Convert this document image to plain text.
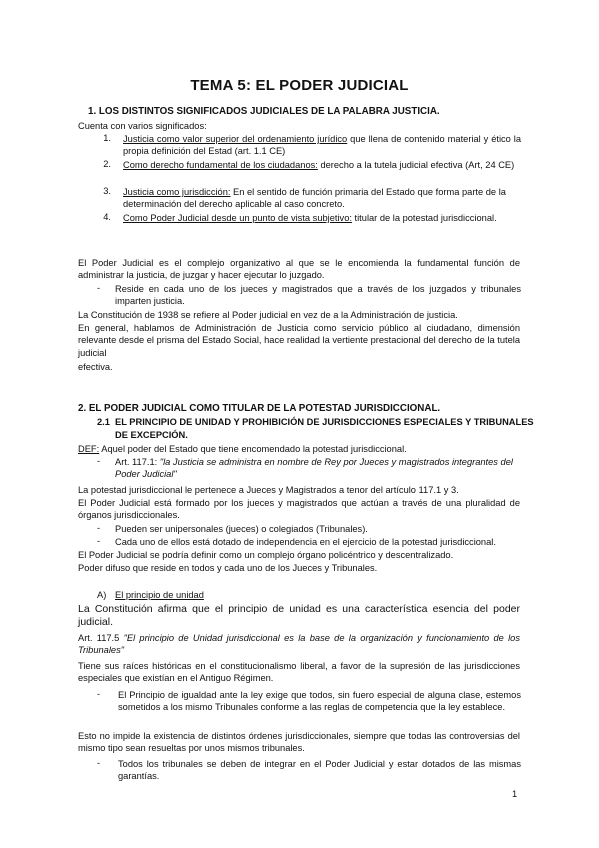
TEMA 5: EL PODER JUDICIAL

1. LOS DISTINTOS SIGNIFICADOS JUDICIALES DE LA PALABRA JUSTICIA.

Cuenta con varios significados:

1. Justicia como valor superior del ordenamiento jurídico que llena de contenido material y ético la propia definición del Estad (art. 1.1 CE)

2. Como derecho fundamental de los ciudadanos: derecho a la tutela judicial efectiva (Art, 24 CE)

3. Justicia como jurisdicción: En el sentido de función primaria del Estado que forma parte de la determinación del derecho aplicable al caso concreto.

4. Como Poder Judicial desde un punto de vista subjetivo: titular de la potestad jurisdiccional.

El Poder Judicial es el complejo organizativo al que se le encomienda la fundamental función de administrar la justicia, de juzgar y hacer ejecutar lo juzgado.

- Reside en cada uno de los jueces y magistrados que a través de los juzgados y tribunales imparten justicia.

La Constitución de 1938 se refiere al Poder judicial en vez de a la Administración de justicia.

En general, hablamos de Administración de Justicia como servicio público al ciudadano, dimensión relevante desde el prisma del Estado Social, hace realidad la vertiente prestacional del derecho de la tutela judicial

efectiva.

2. EL PODER JUDICIAL COMO TITULAR DE LA POTESTAD JURISDICCIONAL.

2.1 EL PRINCIPIO DE UNIDAD Y PROHIBICIÓN DE JURISDICCIONES ESPECIALES Y TRIBUNALES

DE EXCEPCIÓN.

DEF: Aquel poder del Estado que tiene encomendado la potestad jurisdiccional.

- Art. 117.1: "la Justicia se administra en nombre de Rey por Jueces y magistrados integrantes del Poder Judicial"

La potestad jurisdiccional le pertenece a Jueces y Magistrados a tenor del artículo 117.1 y 3.

El Poder Judicial está formado por los jueces y magistrados que actúan a través de una pluralidad de órganos jurisdiccionales.

- Pueden ser unipersonales (jueces) o colegiados (Tribunales).

- Cada uno de ellos está dotado de independencia en el ejercicio de la potestad jurisdiccional.

El Poder Judicial se podría definir como un complejo órgano policéntrico y descentralizado.

Poder difuso que reside en todos y cada uno de los Jueces y Tribunales.

A) El principio de unidad

La Constitución afirma que el principio de unidad es una característica esencia del poder judicial.

Art. 117.5 "El principio de Unidad jurisdiccional es la base de la organización y funcionamiento de los Tribunales"

Tiene sus raíces históricas en el constitucionalismo liberal, a favor de la supresión de las jurisdicciones especiales que existían en el Antiguo Régimen.

- El Principio de igualdad ante la ley exige que todos, sin fuero especial de alguna clase, estemos sometidos a los mismo Tribunales conforme a las reglas de competencia que la ley establece.

Esto no impide la existencia de distintos órdenes jurisdiccionales, siempre que todas las controversias del mismo tipo sean resueltas por unos mismos tribunales.

- Todos los tribunales se deben de integrar en el Poder Judicial y estar dotados de las mismas garantías.

1
